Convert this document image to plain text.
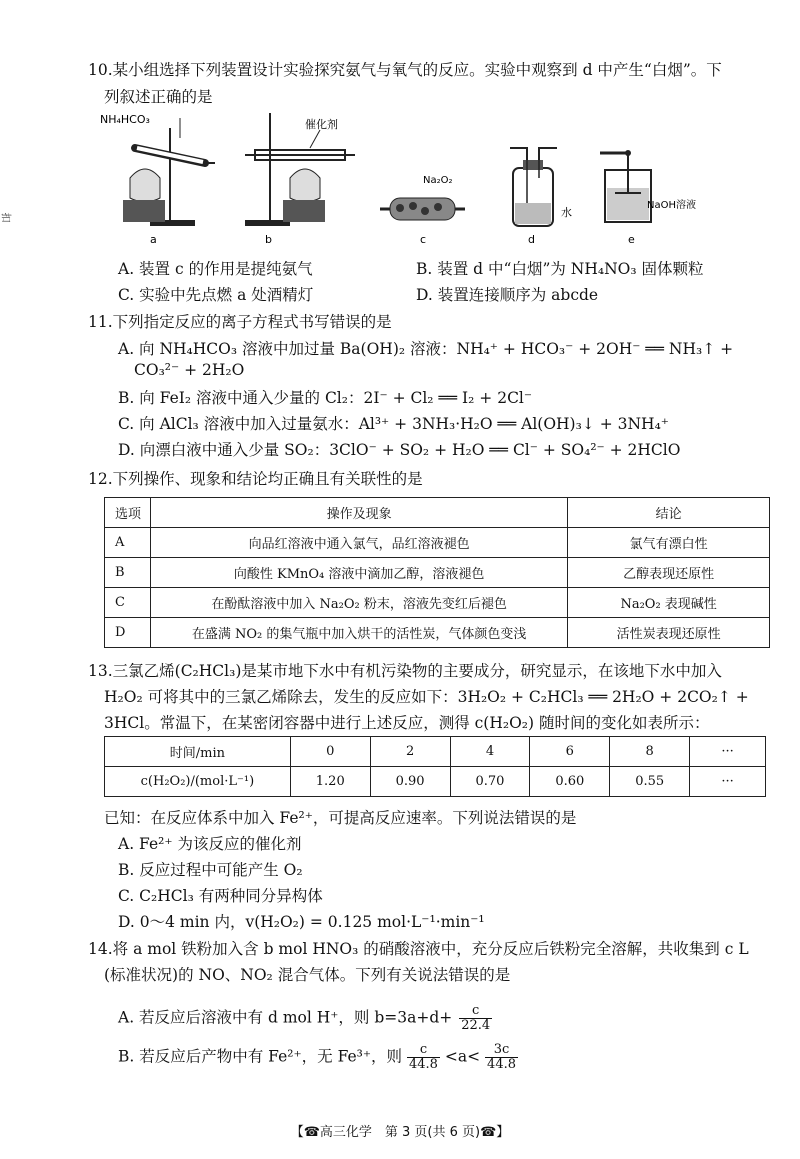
扣
10.某小组选择下列装置设计实验探究氨气与氧气的反应。实验中观察到 d 中产生“白烟”。下
列叙述正确的是
NH₄HCO₃	催化剂
Na₂O₂
水
NaOH溶液
a	b	c	d	e
A. 装置 c 的作用是提纯氨气	B. 装置 d 中“白烟”为 NH₄NO₃ 固体颗粒
C. 实验中先点燃 a 处酒精灯	D. 装置连接顺序为 abcde
11.下列指定反应的离子方程式书写错误的是
A. 向 NH₄HCO₃ 溶液中加过量 Ba(OH)₂ 溶液：NH₄⁺ + HCO₃⁻ + 2OH⁻ ══ NH₃↑ +
CO₃²⁻ + 2H₂O
B. 向 FeI₂ 溶液中通入少量的 Cl₂：2I⁻ + Cl₂ ══ I₂ + 2Cl⁻
C. 向 AlCl₃ 溶液中加入过量氨水：Al³⁺ + 3NH₃·H₂O ══ Al(OH)₃↓ + 3NH₄⁺
D. 向漂白液中通入少量 SO₂：3ClO⁻ + SO₂ + H₂O ══ Cl⁻ + SO₄²⁻ + 2HClO
12.下列操作、现象和结论均正确且有关联性的是
选项	操作及现象	结论
A	向品红溶液中通入氯气，品红溶液褪色	氯气有漂白性
B	向酸性 KMnO₄ 溶液中滴加乙醇，溶液褪色	乙醇表现还原性
C	在酚酞溶液中加入 Na₂O₂ 粉末，溶液先变红后褪色	Na₂O₂ 表现碱性
D	在盛满 NO₂ 的集气瓶中加入烘干的活性炭，气体颜色变浅	活性炭表现还原性
13.三氯乙烯(C₂HCl₃)是某市地下水中有机污染物的主要成分，研究显示，在该地下水中加入
H₂O₂ 可将其中的三氯乙烯除去，发生的反应如下：3H₂O₂ + C₂HCl₃ ══ 2H₂O + 2CO₂↑ +
3HCl。常温下，在某密闭容器中进行上述反应，测得 c(H₂O₂) 随时间的变化如表所示：
时间/min	0	2	4	6	8	···
c(H₂O₂)/(mol·L⁻¹)	1.20	0.90	0.70	0.60	0.55	···
已知：在反应体系中加入 Fe²⁺，可提高反应速率。下列说法错误的是
A. Fe²⁺ 为该反应的催化剂
B. 反应过程中可能产生 O₂
C. C₂HCl₃ 有两种同分异构体
D. 0～4 min 内，v(H₂O₂) = 0.125 mol·L⁻¹·min⁻¹
14.将 a mol 铁粉加入含 b mol HNO₃ 的硝酸溶液中，充分反应后铁粉完全溶解，共收集到 c L
(标准状况)的 NO、NO₂ 混合气体。下列有关说法错误的是
A. 若反应后溶液中有 d mol H⁺，则 $b=3a+d+ \frac{c}{22.4}$
B. 若反应后产物中有 Fe²⁺，无 Fe³⁺，则 $\frac{c}{44.8} <a< \frac{3c}{44.8}$
【☎高三化学　第 3 页(共 6 页)☎】
